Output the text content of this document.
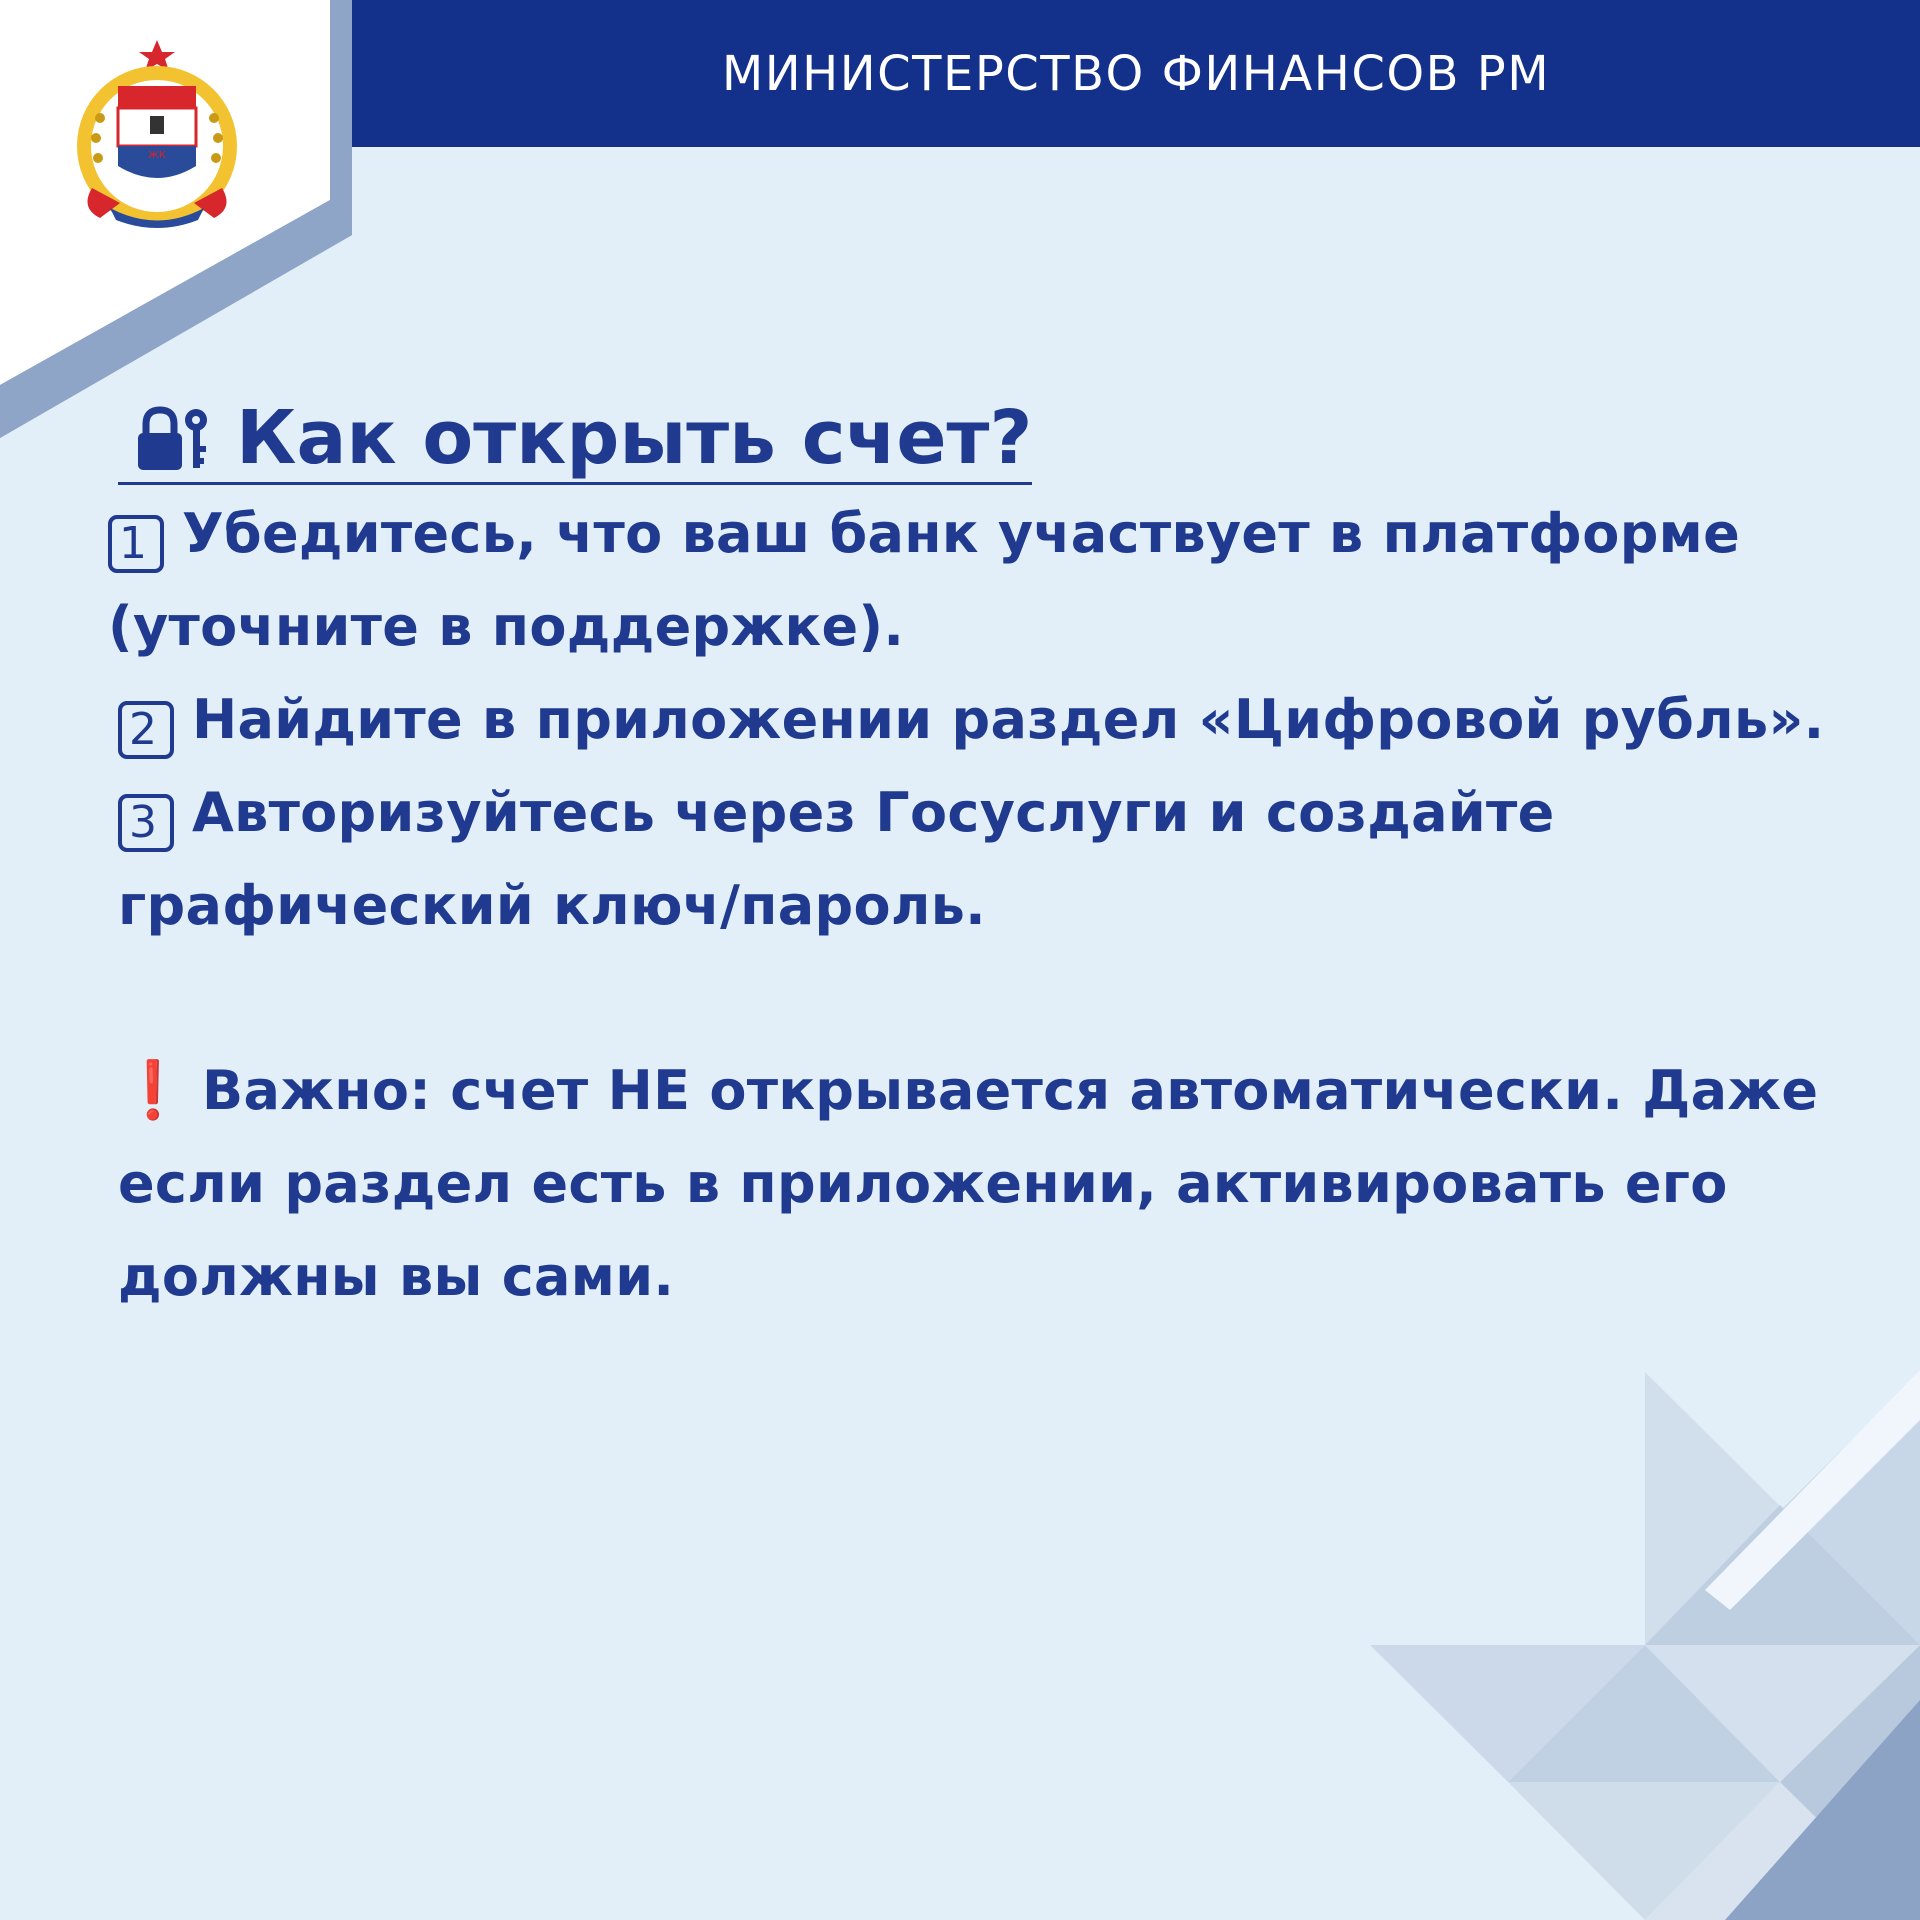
МИНИСТЕРСТВО ФИНАНСОВ РМ
ЖК
Как открыть счет?

1 Убедитесь, что ваш банк участвует в платформе (уточните в поддержке).

2 Найдите в приложении раздел «Цифровой рубль».

3 Авторизуйтесь через Госуслуги и создайте графический ключ/пароль.

❗ Важно: счет НЕ открывается автоматически. Даже если раздел есть в приложении, активировать его должны вы сами.
